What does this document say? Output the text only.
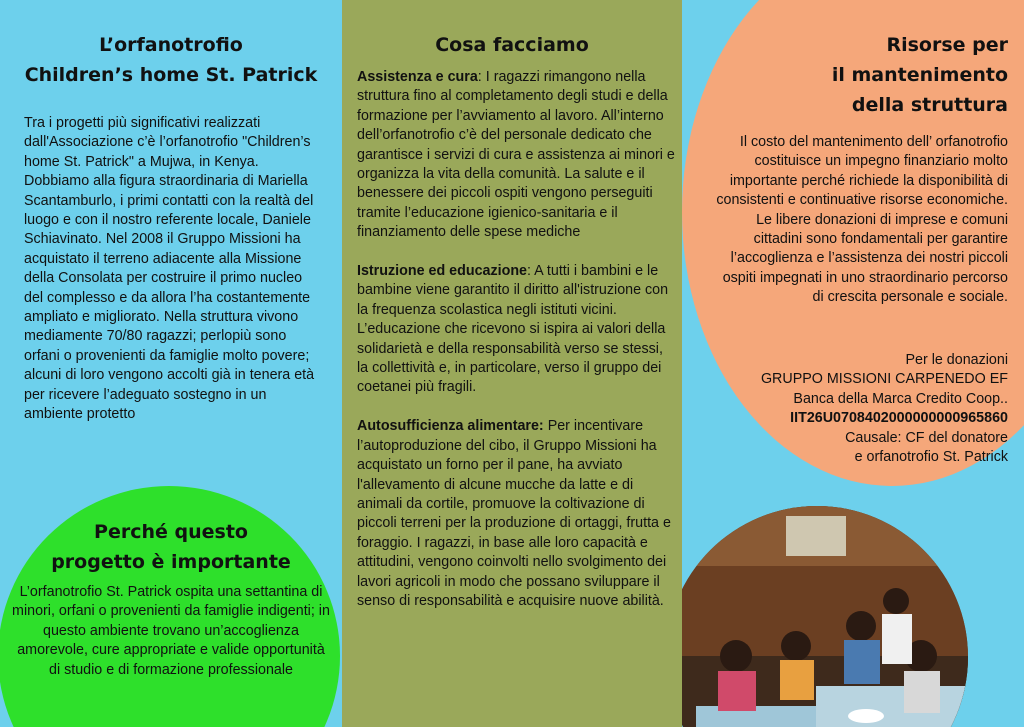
L’orfanotrofio
Children’s home St. Patrick
Tra i progetti più significativi realizzati dall'Associazione c’è l’orfanotrofio "Children’s home St. Patrick" a Mujwa, in Kenya. Dobbiamo alla figura straordinaria di Mariella Scantamburlo, i primi contatti con la realtà del luogo e con il nostro referente locale, Daniele Schiavinato. Nel 2008 il Gruppo Missioni ha acquistato il terreno adiacente alla Missione della Consolata per costruire il primo nucleo del complesso e da allora l’ha costantemente ampliato e migliorato. Nella struttura vivono mediamente 70/80 ragazzi; perlopiù sono orfani o provenienti da famiglie molto povere; alcuni di loro vengono accolti già in tenera età per ricevere l’adeguato sostegno in un ambiente protetto
Perché questo
progetto è importante
L’orfanotrofio St. Patrick ospita una settantina di minori, orfani o provenienti da famiglie indigenti; in questo ambiente trovano un’accoglienza amorevole, cure appropriate e valide opportunità di studio e di formazione professionale
Cosa facciamo

Assistenza e cura: I ragazzi rimangono nella struttura fino al completamento degli studi e della formazione per l’avviamento al lavoro. All’interno dell’orfanotrofio c’è del personale dedicato che garantisce i servizi di cura e assistenza ai minori e organizza la vita della comunità. La salute e il benessere dei piccoli ospiti vengono perseguiti tramite l’educazione igienico-sanitaria e il finanziamento delle spese mediche

Istruzione ed educazione: A tutti i bambini e le bambine viene garantito il diritto all'istruzione con la frequenza scolastica negli istituti vicini. L’educazione che ricevono si ispira ai valori della solidarietà e della responsabilità verso se stessi, la collettività e, in particolare, verso il gruppo dei coetanei più fragili.

Autosufficienza alimentare: Per incentivare l’autoproduzione del cibo, il Gruppo Missioni ha acquistato un forno per il pane, ha avviato l'allevamento di alcune mucche da latte e di animali da cortile, promuove la coltivazione di piccoli terreni per la produzione di ortaggi, frutta e foraggio. I ragazzi, in base alle loro capacità e attitudini, vengono coinvolti nello svolgimento dei lavori agricoli in modo che possano sviluppare il senso di responsabilità e acquisire nuove abilità.

Risorse per
il mantenimento
della struttura
Il costo del mantenimento dell’ orfanotrofio costituisce un impegno finanziario molto importante perché richiede la disponibilità di consistenti e continuative risorse economiche. Le libere donazioni di imprese e comuni cittadini sono fondamentali per garantire l’accoglienza e l’assistenza dei nostri piccoli ospiti impegnati in uno straordinario percorso di crescita personale e sociale.
Per le donazioni
GRUPPO MISSIONI CARPENEDO EF
Banca della Marca Credito Coop..
IIT26U0708402000000000965860
Causale: CF del donatore
e orfanotrofio St. Patrick
